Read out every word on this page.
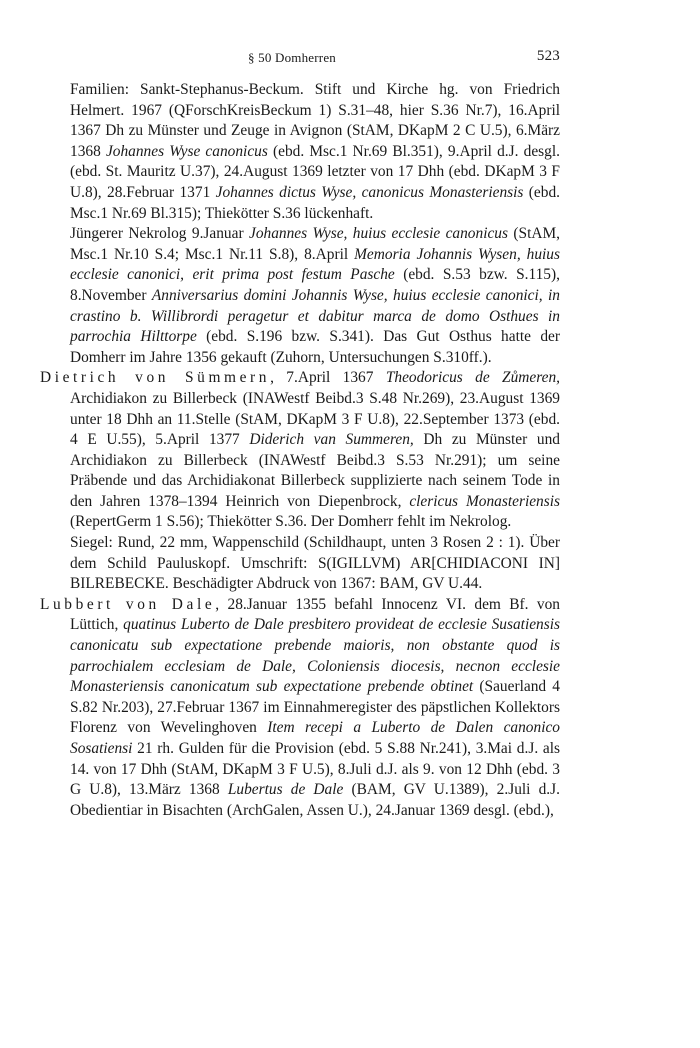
§ 50 Domherren	523

Familien: Sankt-Stephanus-Beckum. Stift und Kirche hg. von Friedrich Helmert. 1967 (QForschKreisBeckum 1) S.31–48, hier S.36 Nr.7), 16.April 1367 Dh zu Münster und Zeuge in Avignon (StAM, DKapM 2 C U.5), 6.März 1368 Johannes Wyse canonicus (ebd. Msc.1 Nr.69 Bl.351), 9.April d.J. desgl. (ebd. St. Mauritz U.37), 24.August 1369 letzter von 17 Dhh (ebd. DKapM 3 F U.8), 28.Februar 1371 Johannes dictus Wyse, canonicus Monasteriensis (ebd. Msc.1 Nr.69 Bl.315); Thiekötter S.36 lückenhaft.

Jüngerer Nekrolog 9.Januar Johannes Wyse, huius ecclesie canonicus (StAM, Msc.1 Nr.10 S.4; Msc.1 Nr.11 S.8), 8.April Memoria Johannis Wysen, huius ecclesie canonici, erit prima post festum Pasche (ebd. S.53 bzw. S.115), 8.November Anniversarius domini Johannis Wyse, huius ecclesie canonici, in crastino b. Willibrordi peragetur et dabitur marca de domo Osthues in parrochia Hilttorpe (ebd. S.196 bzw. S.341). Das Gut Osthus hatte der Domherr im Jahre 1356 gekauft (Zuhorn, Untersuchungen S.310ff.).

Dietrich von Sümmern, 7.April 1367 Theodoricus de Zůmeren, Archidiakon zu Billerbeck (INAWestf Beibd.3 S.48 Nr.269), 23.August 1369 unter 18 Dhh an 11.Stelle (StAM, DKapM 3 F U.8), 22.September 1373 (ebd. 4 E U.55), 5.April 1377 Diderich van Summeren, Dh zu Münster und Archidiakon zu Billerbeck (INAWestf Beibd.3 S.53 Nr.291); um seine Präbende und das Archidiakonat Billerbeck supplizierte nach seinem Tode in den Jahren 1378–1394 Heinrich von Diepenbrock, clericus Monasteriensis (RepertGerm 1 S.56); Thiekötter S.36. Der Domherr fehlt im Nekrolog.

Siegel: Rund, 22 mm, Wappenschild (Schildhaupt, unten 3 Rosen 2 : 1). Über dem Schild Pauluskopf. Umschrift: S(IGILLVM) AR[CHIDIACONI IN] BILREBECKE. Beschädigter Abdruck von 1367: BAM, GV U.44.

Lubbert von Dale, 28.Januar 1355 befahl Innocenz VI. dem Bf. von Lüttich, quatinus Luberto de Dale presbitero provideat de ecclesie Susatiensis canonicatu sub expectatione prebende maioris, non obstante quod is parrochialem ecclesiam de Dale, Coloniensis diocesis, necnon ecclesie Monasteriensis canonicatum sub expectatione prebende obtinet (Sauerland 4 S.82 Nr.203), 27.Februar 1367 im Einnahmeregister des päpstlichen Kollektors Florenz von Wevelinghoven Item recepi a Luberto de Dalen canonico Sosatiensi 21 rh. Gulden für die Provision (ebd. 5 S.88 Nr.241), 3.Mai d.J. als 14. von 17 Dhh (StAM, DKapM 3 F U.5), 8.Juli d.J. als 9. von 12 Dhh (ebd. 3 G U.8), 13.März 1368 Lubertus de Dale (BAM, GV U.1389), 2.Juli d.J. Obedientiar in Bisachten (ArchGalen, Assen U.), 24.Januar 1369 desgl. (ebd.),
